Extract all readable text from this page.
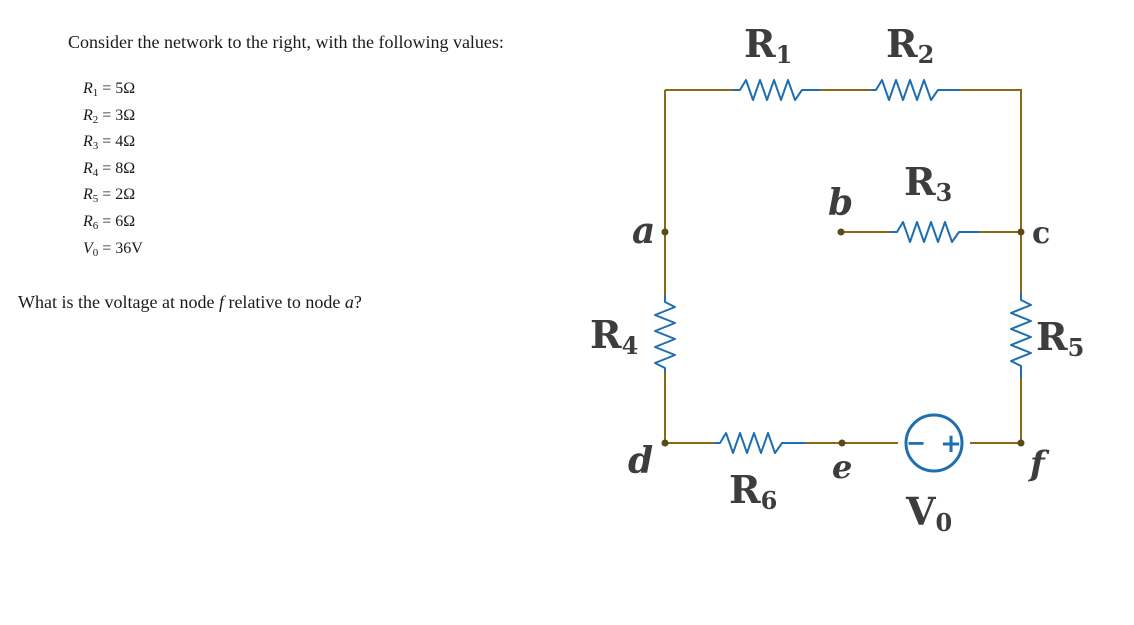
Consider the network to the right, with the following values:
R1 = 5Ω
R2 = 3Ω
R3 = 4Ω
R4 = 8Ω
R5 = 2Ω
R6 = 6Ω
V0 = 36V
What is the voltage at node f relative to node a?
− +
R1 R2
R3
R4	R5
R6	V0
a
b
c
d	e	f
